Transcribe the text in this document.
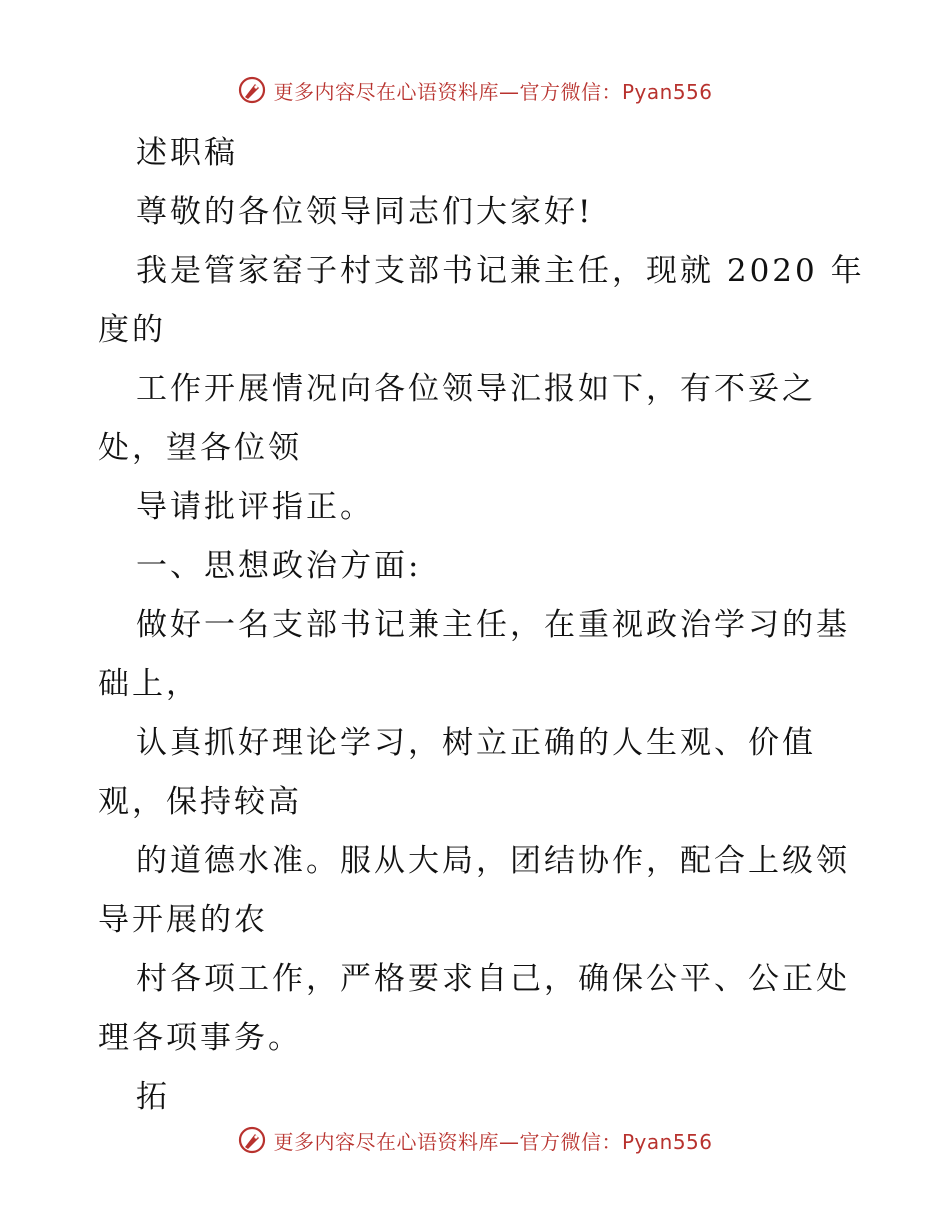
更多内容尽在心语资料库—官方微信：Pyan556

述职稿

尊敬的各位领导同志们大家好!

我是管家窑子村支部书记兼主任，现就 2020 年

度的

工作开展情况向各位领导汇报如下，有不妥之

处，望各位领

导请批评指正。

一、思想政治方面:

做好一名支部书记兼主任，在重视政治学习的基

础上，

认真抓好理论学习，树立正确的人生观、价值

观，保持较高

的道德水准。服从大局，团结协作，配合上级领

导开展的农

村各项工作，严格要求自己，确保公平、公正处

理各项事务。

拓

更多内容尽在心语资料库—官方微信：Pyan556
